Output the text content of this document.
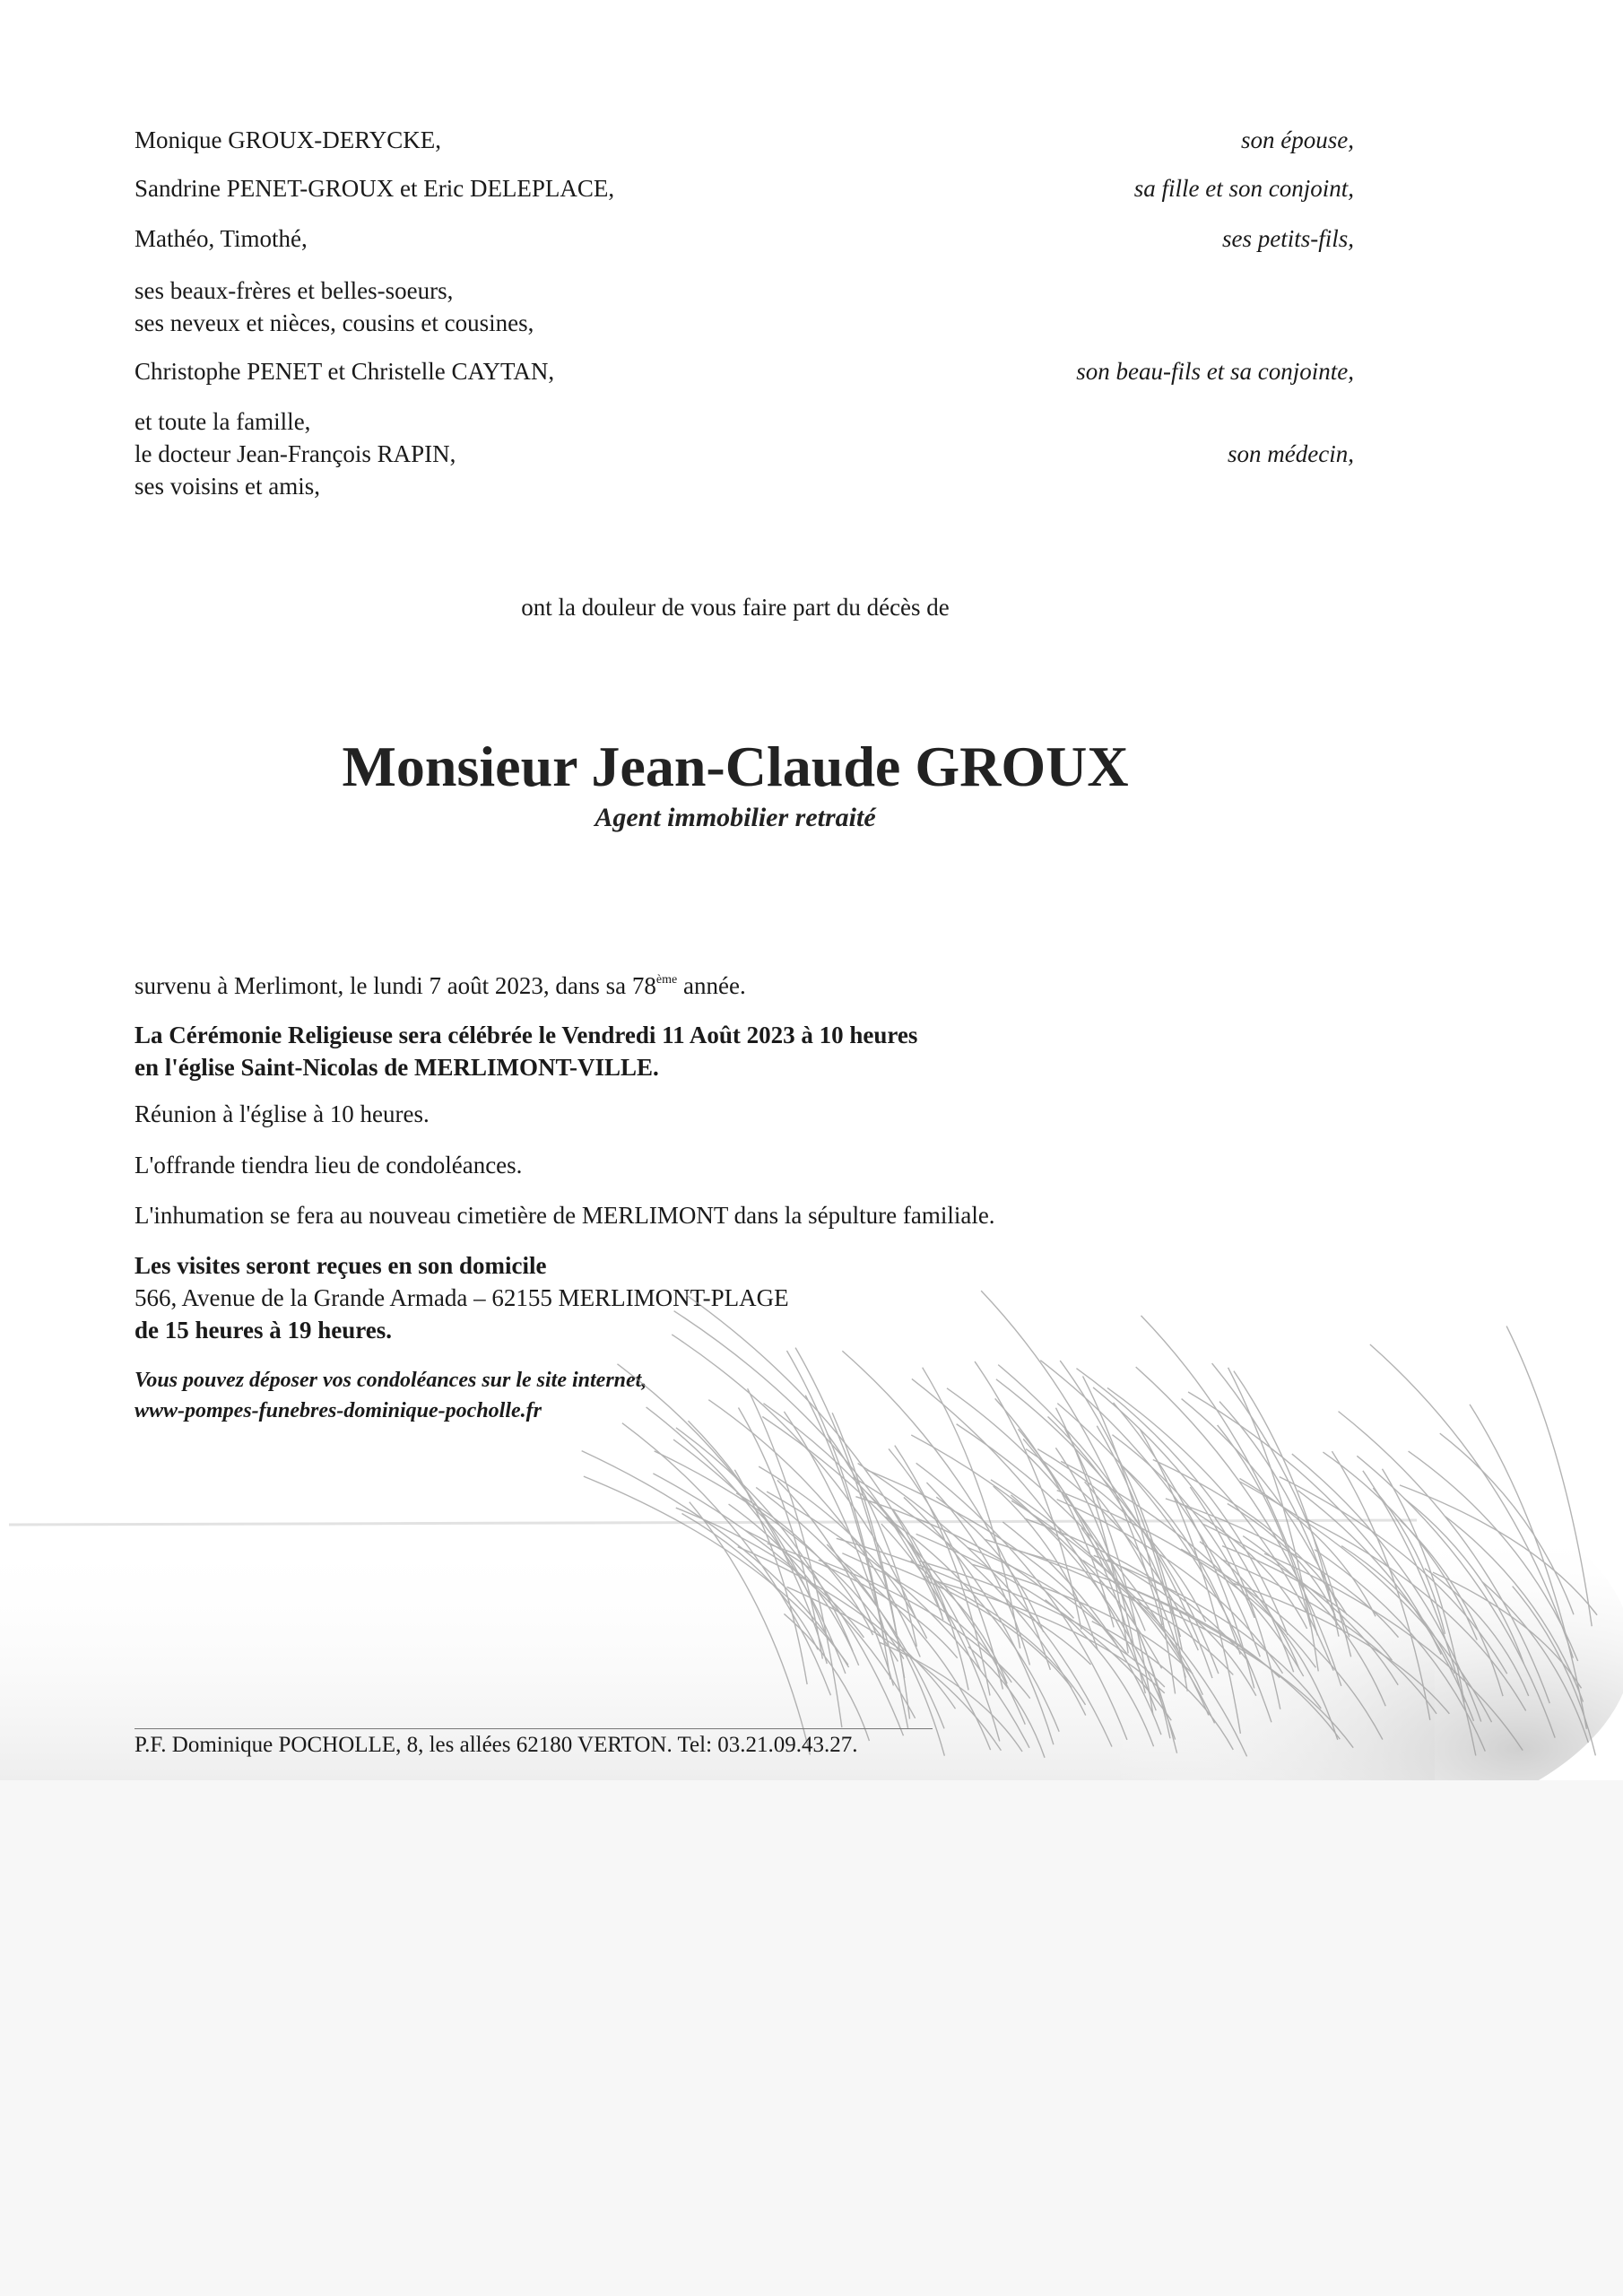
Monique GROUX-DERYCKE,	son épouse,
Sandrine PENET-GROUX et Eric DELEPLACE,	sa fille et son conjoint,
Mathéo, Timothé,	ses petits-fils,
ses beaux-frères et belles-soeurs,
ses neveux et nièces, cousins et cousines,
Christophe PENET et Christelle CAYTAN,	son beau-fils et sa conjointe,
et toute la famille,
le docteur Jean-François RAPIN,	son médecin,
ses voisins et amis,
ont la douleur de vous faire part du décès de
Monsieur Jean-Claude GROUX
Agent immobilier retraité
survenu à Merlimont, le lundi 7 août 2023, dans sa 78ème année.
La Cérémonie Religieuse sera célébrée le Vendredi 11 Août 2023 à 10 heures
en l'église Saint-Nicolas de MERLIMONT-VILLE.
Réunion à l'église à 10 heures.
L'offrande tiendra lieu de condoléances.
L'inhumation se fera au nouveau cimetière de MERLIMONT dans la sépulture familiale.
Les visites seront reçues en son domicile
566, Avenue de la Grande Armada – 62155 MERLIMONT-PLAGE
de 15 heures à 19 heures.
Vous pouvez déposer vos condoléances sur le site internet,
www-pompes-funebres-dominique-pocholle.fr
P.F. Dominique POCHOLLE, 8, les allées 62180 VERTON. Tel: 03.21.09.43.27.
